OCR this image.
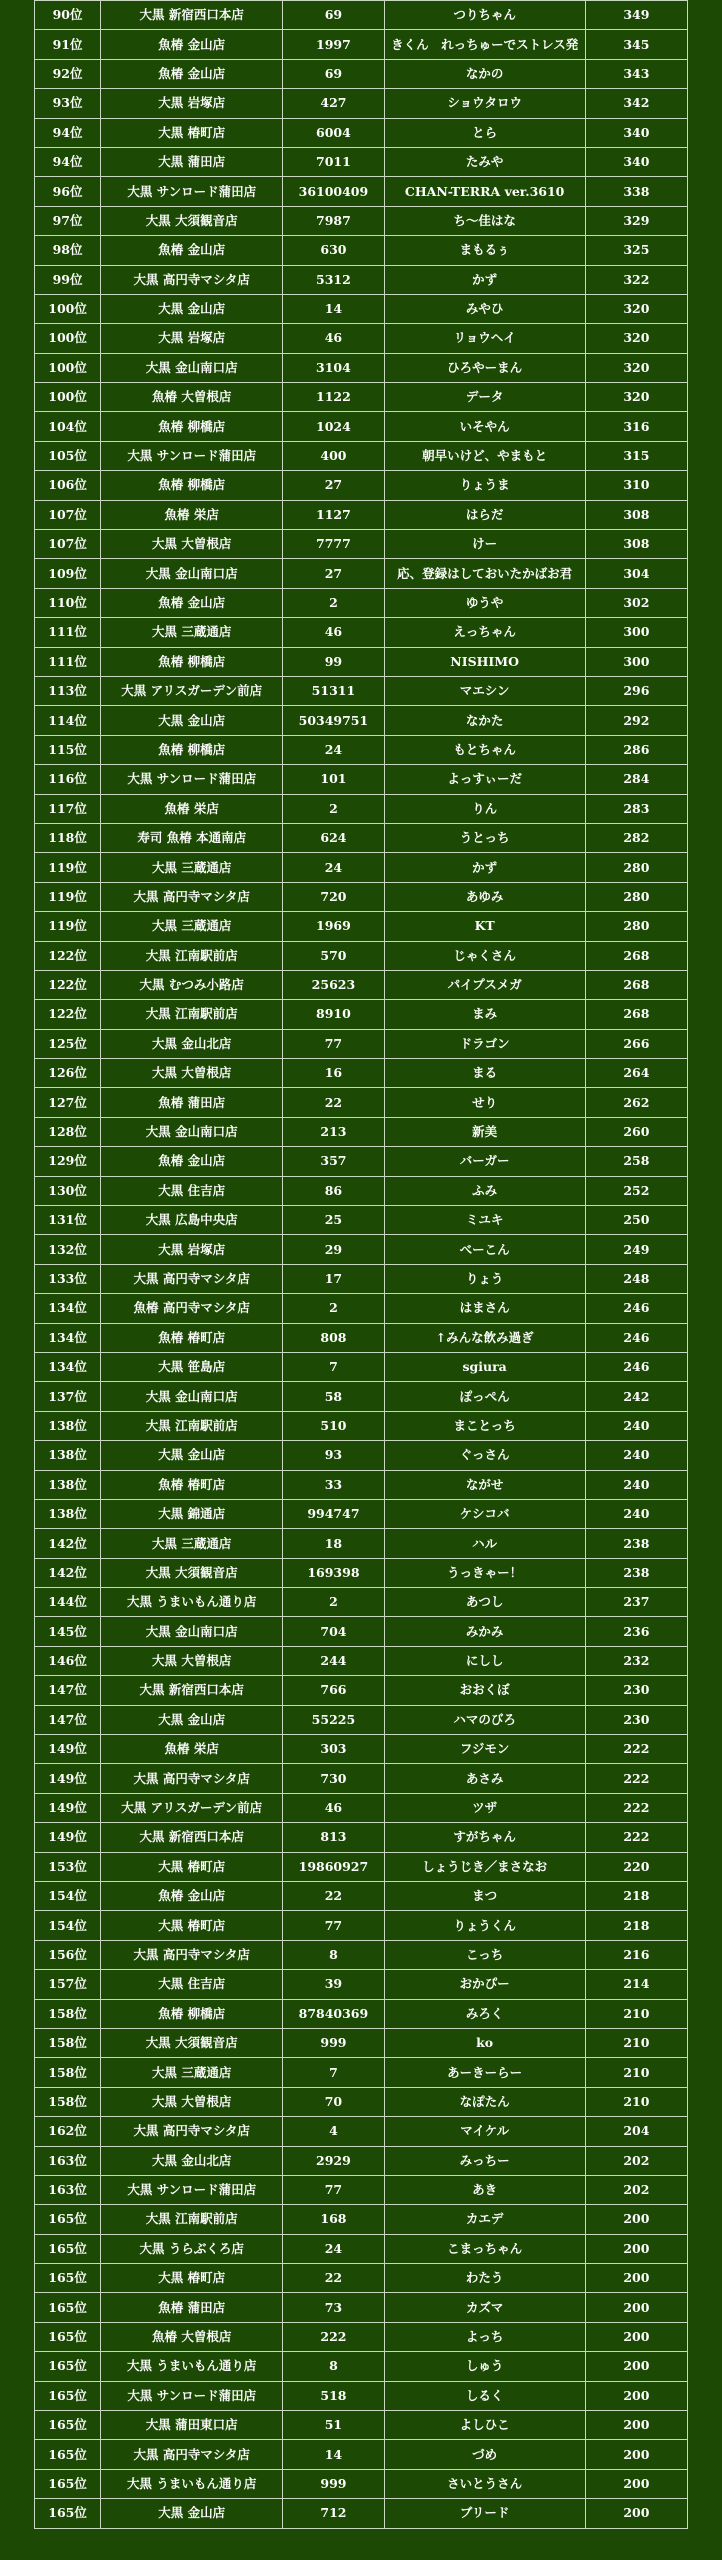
90位	大黒 新宿西口本店	69	つりちゃん	349
91位	魚椿 金山店	1997	きくん　れっちゅーでストレス発	345
92位	魚椿 金山店	69	なかの	343
93位	大黒 岩塚店	427	ショウタロウ	342
94位	大黒 椿町店	6004	とら	340
94位	大黒 蒲田店	7011	たみや	340
96位	大黒 サンロード蒲田店	36100409	CHAN-TERRA ver.3610	338
97位	大黒 大須観音店	7987	ち～佳はな	329
98位	魚椿 金山店	630	まもるぅ	325
99位	大黒 高円寺マシタ店	5312	かず	322
100位	大黒 金山店	14	みやひ	320
100位	大黒 岩塚店	46	リョウヘイ	320
100位	大黒 金山南口店	3104	ひろやーまん	320
100位	魚椿 大曽根店	1122	データ	320
104位	魚椿 柳橋店	1024	いそやん	316
105位	大黒 サンロード蒲田店	400	朝早いけど、やまもと	315
106位	魚椿 柳橋店	27	りょうま	310
107位	魚椿 栄店	1127	はらだ	308
107位	大黒 大曽根店	7777	けー	308
109位	大黒 金山南口店	27	応、登録はしておいたかばお君	304
110位	魚椿 金山店	2	ゆうや	302
111位	大黒 三蔵通店	46	えっちゃん	300
111位	魚椿 柳橋店	99	NISHIMO	300
113位	大黒 アリスガーデン前店	51311	マエシン	296
114位	大黒 金山店	50349751	なかた	292
115位	魚椿 柳橋店	24	もとちゃん	286
116位	大黒 サンロード蒲田店	101	よっすぃーだ	284
117位	魚椿 栄店	2	りん	283
118位	寿司 魚椿 本通南店	624	うとっち	282
119位	大黒 三蔵通店	24	かず	280
119位	大黒 高円寺マシタ店	720	あゆみ	280
119位	大黒 三蔵通店	1969	KT	280
122位	大黒 江南駅前店	570	じゃくさん	268
122位	大黒 むつみ小路店	25623	パイプスメガ	268
122位	大黒 江南駅前店	8910	まみ	268
125位	大黒 金山北店	77	ドラゴン	266
126位	大黒 大曽根店	16	まる	264
127位	魚椿 蒲田店	22	せり	262
128位	大黒 金山南口店	213	新美	260
129位	魚椿 金山店	357	バーガー	258
130位	大黒 住吉店	86	ふみ	252
131位	大黒 広島中央店	25	ミユキ	250
132位	大黒 岩塚店	29	べーこん	249
133位	大黒 高円寺マシタ店	17	りょう	248
134位	魚椿 高円寺マシタ店	2	はまさん	246
134位	魚椿 椿町店	808	↑みんな飲み過ぎ	246
134位	大黒 笹島店	7	sgiura	246
137位	大黒 金山南口店	58	ぽっぺん	242
138位	大黒 江南駅前店	510	まことっち	240
138位	大黒 金山店	93	ぐっさん	240
138位	魚椿 椿町店	33	ながせ	240
138位	大黒 錦通店	994747	ケシコバ	240
142位	大黒 三蔵通店	18	ハル	238
142位	大黒 大須観音店	169398	うっきゃー！	238
144位	大黒 うまいもん通り店	2	あつし	237
145位	大黒 金山南口店	704	みかみ	236
146位	大黒 大曽根店	244	にしし	232
147位	大黒 新宿西口本店	766	おおくぼ	230
147位	大黒 金山店	55225	ハマのびろ	230
149位	魚椿 栄店	303	フジモン	222
149位	大黒 高円寺マシタ店	730	あさみ	222
149位	大黒 アリスガーデン前店	46	ツザ	222
149位	大黒 新宿西口本店	813	すがちゃん	222
153位	大黒 椿町店	19860927	しょうじき／まさなお	220
154位	魚椿 金山店	22	まつ	218
154位	大黒 椿町店	77	りょうくん	218
156位	大黒 高円寺マシタ店	8	こっち	216
157位	大黒 住吉店	39	おかぴー	214
158位	魚椿 柳橋店	87840369	みろく	210
158位	大黒 大須観音店	999	ko	210
158位	大黒 三蔵通店	7	あーきーらー	210
158位	大黒 大曽根店	70	なぽたん	210
162位	大黒 高円寺マシタ店	4	マイケル	204
163位	大黒 金山北店	2929	みっちー	202
163位	大黒 サンロード蒲田店	77	あき	202
165位	大黒 江南駅前店	168	カエデ	200
165位	大黒 うらぶくろ店	24	こまっちゃん	200
165位	大黒 椿町店	22	わたう	200
165位	魚椿 蒲田店	73	カズマ	200
165位	魚椿 大曽根店	222	よっち	200
165位	大黒 うまいもん通り店	8	しゅう	200
165位	大黒 サンロード蒲田店	518	しるく	200
165位	大黒 蒲田東口店	51	よしひこ	200
165位	大黒 高円寺マシタ店	14	づめ	200
165位	大黒 うまいもん通り店	999	さいとうさん	200
165位	大黒 金山店	712	ブリード	200
